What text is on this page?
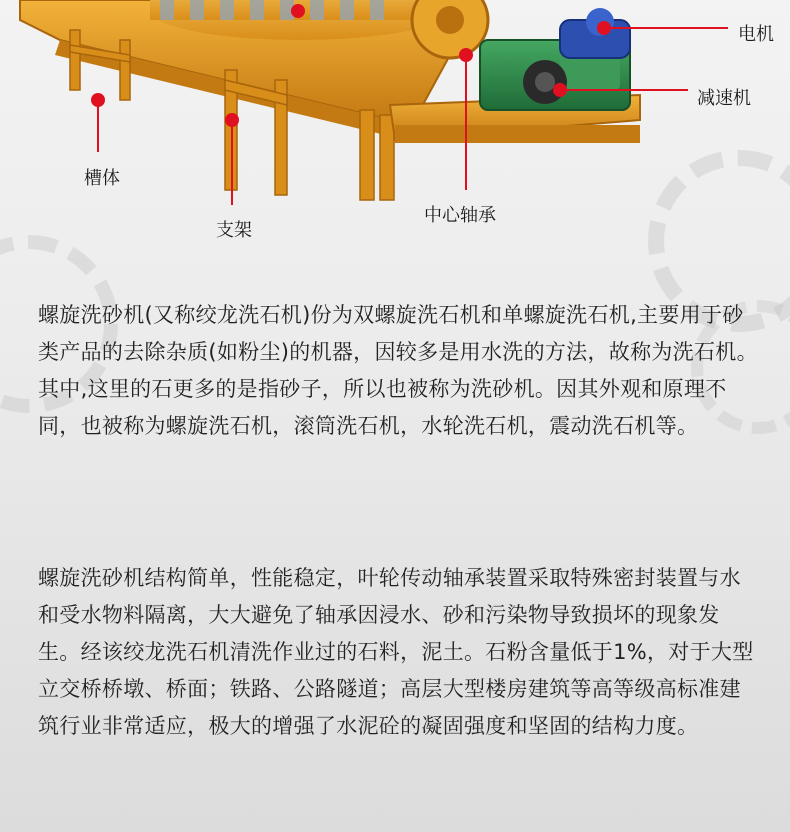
电机
减速机
槽体
支架
中心轴承

螺旋洗砂机(又称绞龙洗石机)份为双螺旋洗石机和单螺旋洗石机,主要用于砂类产品的去除杂质(如粉尘)的机器，因较多是用水洗的方法，故称为洗石机。其中,这里的石更多的是指砂子，所以也被称为洗砂机。因其外观和原理不同，也被称为螺旋洗石机，滚筒洗石机，水轮洗石机，震动洗石机等。

螺旋洗砂机结构简单，性能稳定，叶轮传动轴承装置采取特殊密封装置与水和受水物料隔离，大大避免了轴承因浸水、砂和污染物导致损坏的现象发生。经该绞龙洗石机清洗作业过的石料，泥土。石粉含量低于1%，对于大型立交桥桥墩、桥面；铁路、公路隧道；高层大型楼房建筑等高等级高标准建筑行业非常适应，极大的增强了水泥砼的凝固强度和坚固的结构力度。
